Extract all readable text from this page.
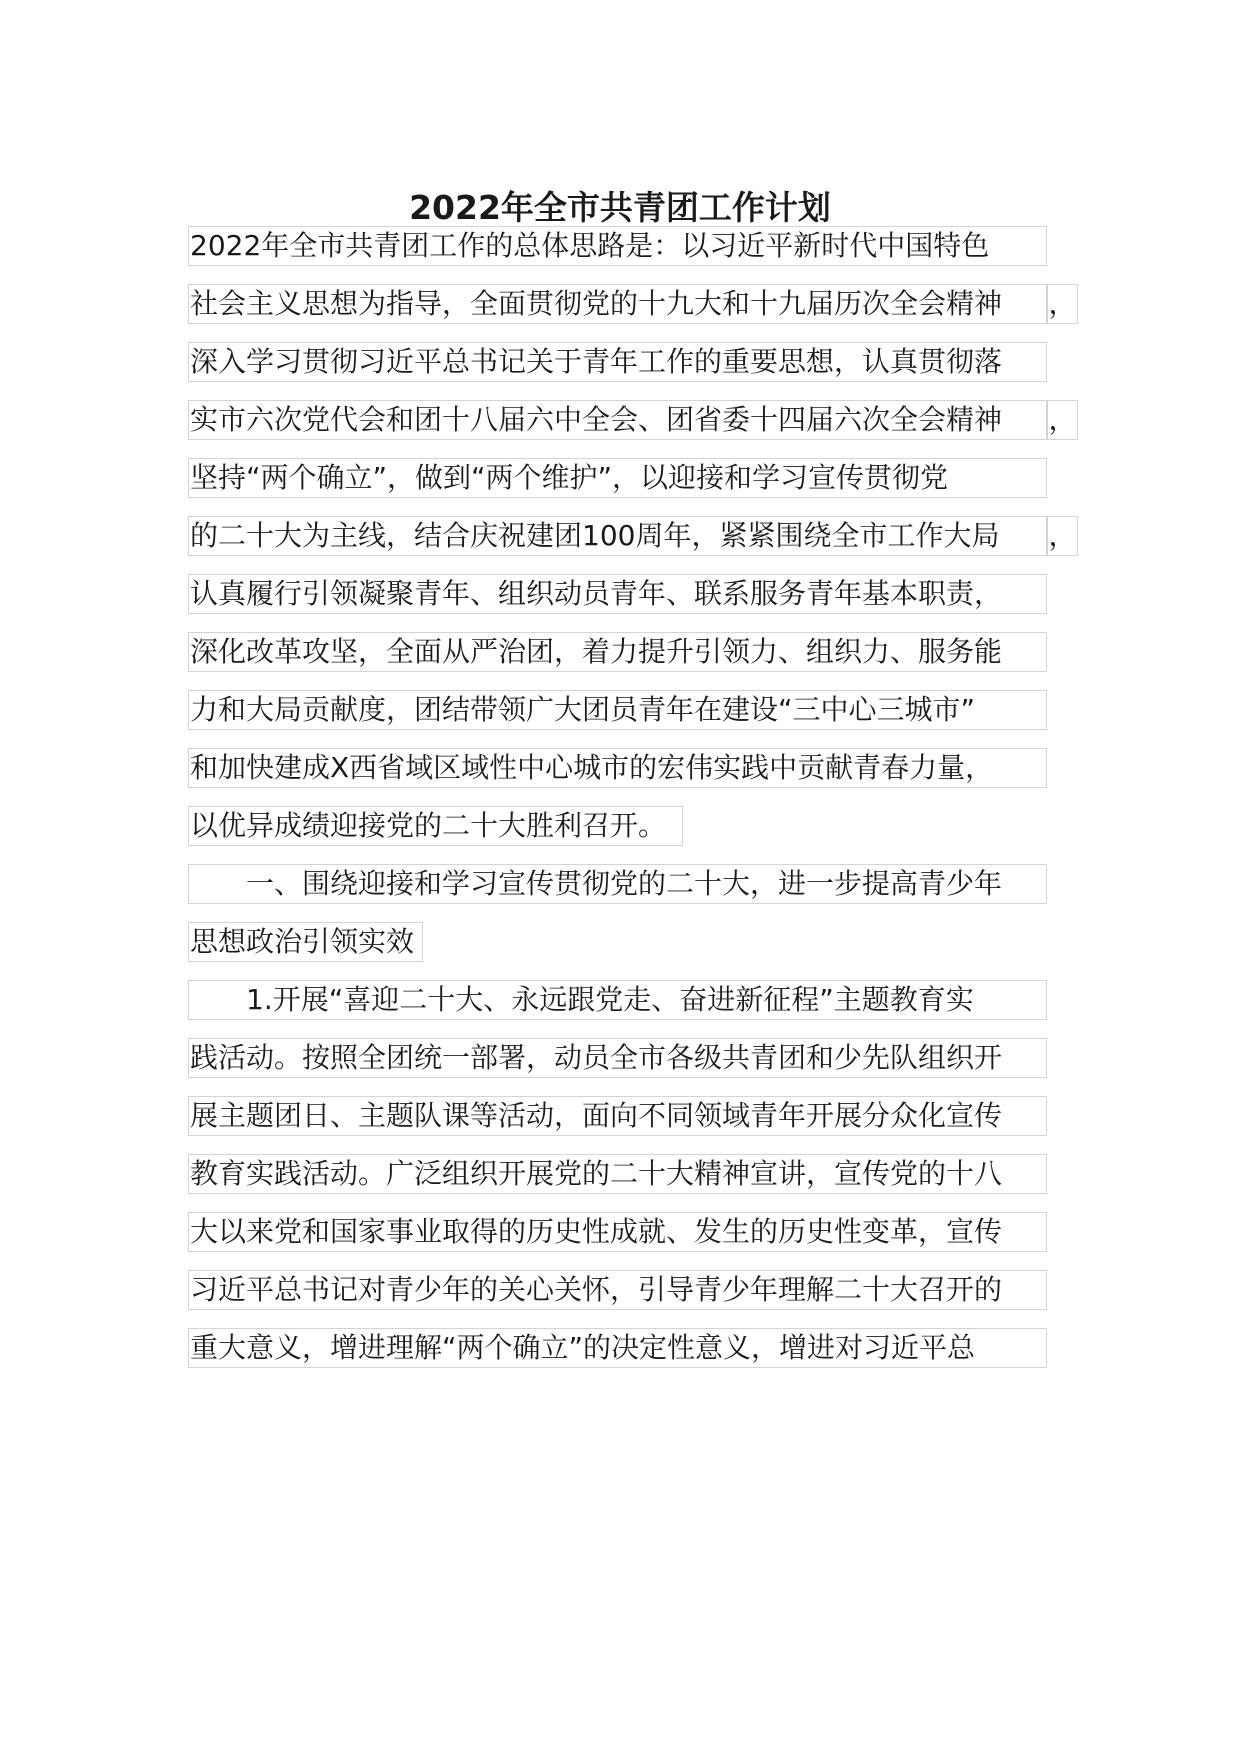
2022年全市共青团工作计划
2022年全市共青团工作的总体思路是：以习近平新时代中国特色
社会主义思想为指导，全面贯彻党的十九大和十九届历次全会精神	，
深入学习贯彻习近平总书记关于青年工作的重要思想，认真贯彻落
实市六次党代会和团十八届六中全会、团省委十四届六次全会精神	，
坚持“两个确立”，做到“两个维护”，以迎接和学习宣传贯彻党
的二十大为主线，结合庆祝建团100周年，紧紧围绕全市工作大局	，
认真履行引领凝聚青年、组织动员青年、联系服务青年基本职责，
深化改革攻坚，全面从严治团，着力提升引领力、组织力、服务能
力和大局贡献度，团结带领广大团员青年在建设“三中心三城市”
和加快建成X西省域区域性中心城市的宏伟实践中贡献青春力量，
以优异成绩迎接党的二十大胜利召开。
　　一、围绕迎接和学习宣传贯彻党的二十大，进一步提高青少年
思想政治引领实效
　　1.开展“喜迎二十大、永远跟党走、奋进新征程”主题教育实
践活动。按照全团统一部署，动员全市各级共青团和少先队组织开
展主题团日、主题队课等活动，面向不同领域青年开展分众化宣传
教育实践活动。广泛组织开展党的二十大精神宣讲，宣传党的十八
大以来党和国家事业取得的历史性成就、发生的历史性变革，宣传
习近平总书记对青少年的关心关怀，引导青少年理解二十大召开的
重大意义，增进理解“两个确立”的决定性意义，增进对习近平总
